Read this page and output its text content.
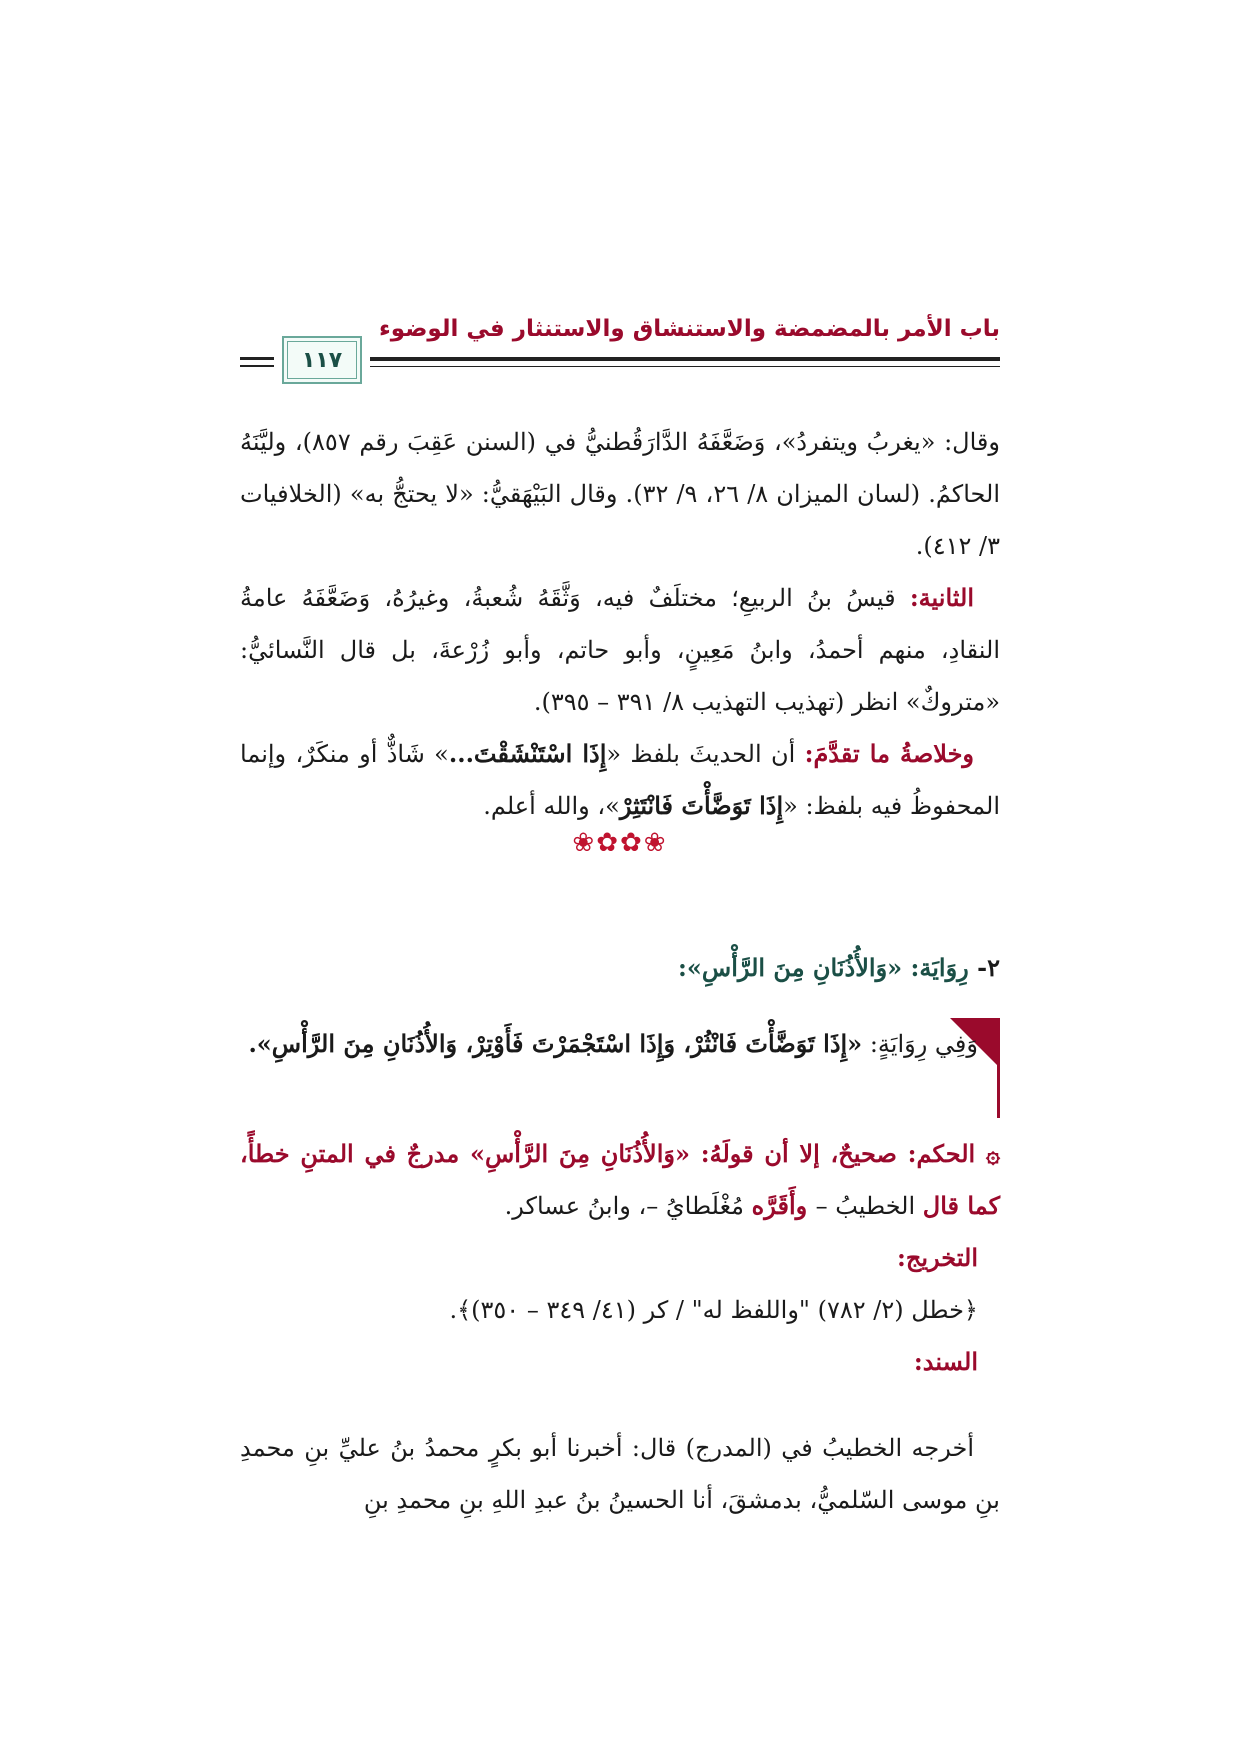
باب الأمر بالمضمضة والاستنشاق والاستنثار في الوضوء
١١٧
وقال: «يغربُ ويتفردُ»، وَضَعَّفَهُ الدَّارَقُطنيُّ في (السنن عَقِبَ رقم ٨٥٧)، وليَّنَهُ الحاكمُ. (لسان الميزان ٨/ ٢٦، ٩/ ٣٢). وقال البَيْهَقيُّ: «لا يحتجُّ به» (الخلافيات ٣/ ٤١٢).
الثانية: قيسُ بنُ الربيعِ؛ مختلَفٌ فيه، وَثَّقَهُ شُعبةُ، وغيرُهُ، وَضَعَّفَهُ عامةُ النقادِ، منهم أحمدُ، وابنُ مَعِينٍ، وأبو حاتم، وأبو زُرْعةَ، بل قال النَّسائيُّ: «متروكٌ» انظر (تهذيب التهذيب ٨/ ٣٩١ – ٣٩٥).
وخلاصةُ ما تقدَّمَ: أن الحديثَ بلفظ «إِذَا اسْتَنْشَقْتَ...» شَاذٌّ أو منكَرٌ، وإنما المحفوظُ فيه بلفظ: «إِذَا تَوَضَّأْتَ فَانْتَثِرْ»، والله أعلم.
❀✿✿❀
٢- رِوَايَة: «وَالأُذُنَانِ مِنَ الرَّأْسِ»:
وَفِي رِوَايَةٍ: «إِذَا تَوَضَّأْتَ فَانْثُرْ، وَإِذَا اسْتَجْمَرْتَ فَأَوْتِرْ، وَالأُذُنَانِ مِنَ الرَّأْسِ».
۞ الحكم: صحيحٌ، إلا أن قولَهُ: «وَالأُذُنَانِ مِنَ الرَّأْسِ» مدرجٌ في المتنِ خطأً، كما قال الخطيبُ – وأَقَرَّه مُغْلَطايُ –، وابنُ عساكر.
التخريج:
﴿خطل (٢/ ٧٨٢) "واللفظ له" / كر (٤١/ ٣٤٩ – ٣٥٠)﴾.
السند:
أخرجه الخطيبُ في (المدرج) قال: أخبرنا أبو بكرٍ محمدُ بنُ عليِّ بنِ محمدِ بنِ موسى السّلميُّ، بدمشقَ، أنا الحسينُ بنُ عبدِ اللهِ بنِ محمدِ بنِ
